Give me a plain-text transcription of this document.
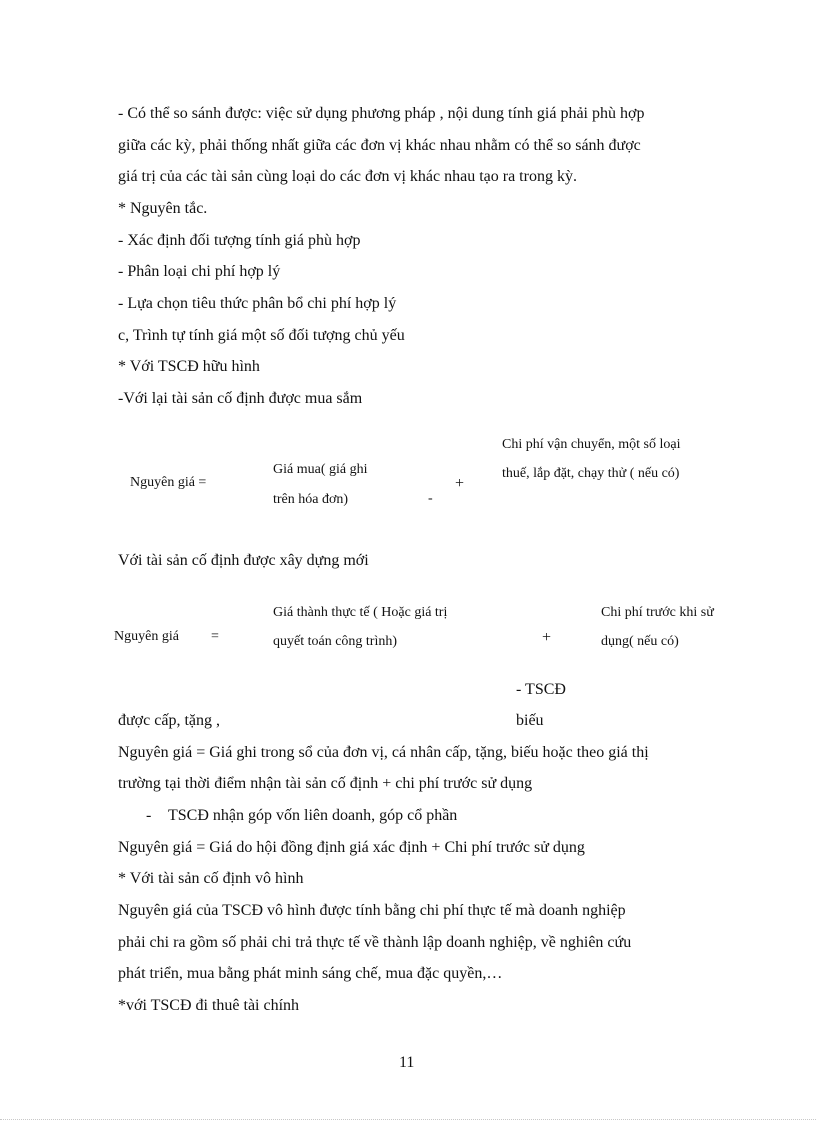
- Có thể so sánh được: việc sử dụng phương pháp , nội dung tính giá phải phù hợp
giữa các kỳ, phải thống nhất giữa các đơn vị khác nhau nhằm có thể so sánh được
giá trị của các tài sản cùng loại do các đơn vị khác nhau tạo ra trong kỳ.
* Nguyên tắc.
- Xác định đối tượng tính giá phù hợp
- Phân loại chi phí hợp lý
- Lựa chọn tiêu thức phân bổ chi phí hợp lý
c, Trình tự tính giá một số đối tượng chủ yếu
* Với TSCĐ hữu hình
-Với lại tài sản cố định được mua sắm
Nguyên giá =
Giá mua( giá ghi
trên hóa đơn)	-
+
Chi phí vận chuyển, một số loại
thuế, lắp đặt, chạy thử ( nếu có)
Với tài sản cố định được xây dựng mới
Nguyên giá =
Giá thành thực tế ( Hoặc giá trị
quyết toán công trình)	+
Chi phí trước khi sử
dụng( nếu có)
- TSCĐ
được cấp, tặng ,	biếu
Nguyên giá = Giá ghi trong sổ của đơn vị, cá nhân cấp, tặng, biếu hoặc theo giá thị
trường tại thời điểm nhận tài sản cố định + chi phí trước sử dụng
- TSCĐ nhận góp vốn liên doanh, góp cổ phần
Nguyên giá = Giá do hội đồng định giá xác định + Chi phí trước sử dụng
* Với tài sản cố định vô hình
Nguyên giá của TSCĐ vô hình được tính bằng chi phí thực tế mà doanh nghiệp
phải chi ra gồm số phải chi trả thực tế về thành lập doanh nghiệp, về nghiên cứu
phát triển, mua bằng phát minh sáng chế, mua đặc quyền,…
*với TSCĐ đi thuê tài chính
11
